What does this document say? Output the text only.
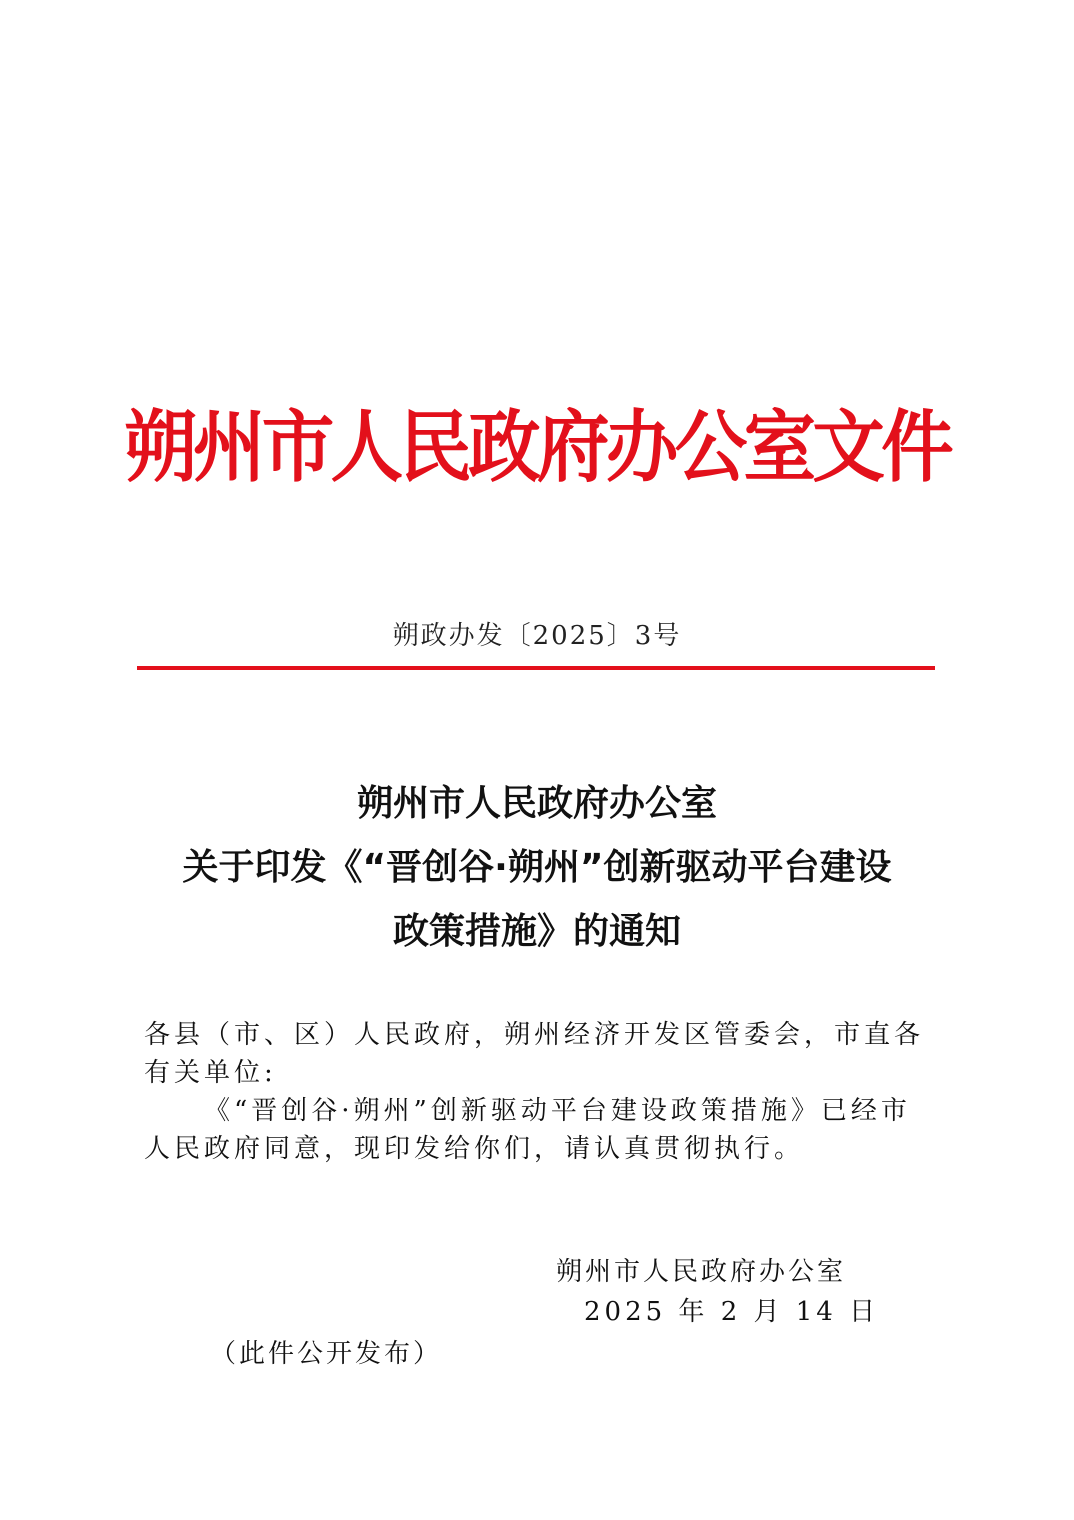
朔州市人民政府办公室文件
朔政办发〔2025〕3号
朔州市人民政府办公室
关于印发《“晋创谷·朔州”创新驱动平台建设
政策措施》的通知
各县（市、区）人民政府，朔州经济开发区管委会，市直各有关单位:
《“晋创谷·朔州”创新驱动平台建设政策措施》已经市人民政府同意，现印发给你们，请认真贯彻执行。
朔州市人民政府办公室
2025 年 2 月 14 日
（此件公开发布）
